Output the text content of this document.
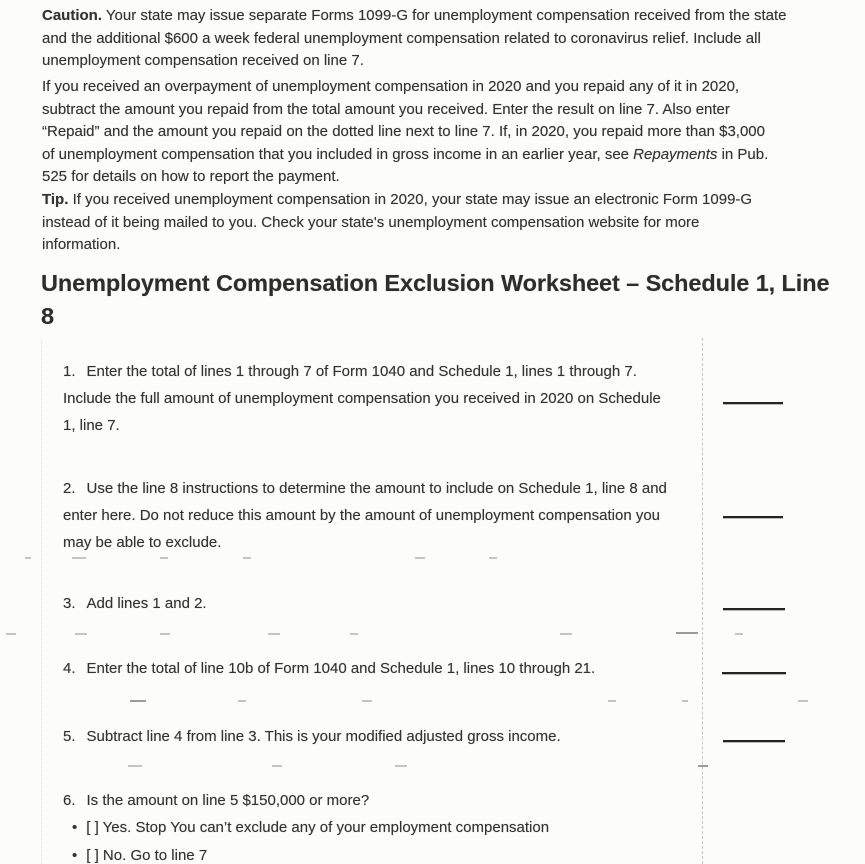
Caution. Your state may issue separate Forms 1099-G for unemployment compensation received from the state and the additional $600 a week federal unemployment compensation related to coronavirus relief. Include all unemployment compensation received on line 7.

If you received an overpayment of unemployment compensation in 2020 and you repaid any of it in 2020, subtract the amount you repaid from the total amount you received. Enter the result on line 7. Also enter “Repaid” and the amount you repaid on the dotted line next to line 7. If, in 2020, you repaid more than $3,000 of unemployment compensation that you included in gross income in an earlier year, see Repayments in Pub. 525 for details on how to report the payment.

Tip. If you received unemployment compensation in 2020, your state may issue an electronic Form 1099-G instead of it being mailed to you. Check your state's unemployment compensation website for more information.

Unemployment Compensation Exclusion Worksheet – Schedule 1, Line 8
1. Enter the total of lines 1 through 7 of Form 1040 and Schedule 1, lines 1 through 7. Include the full amount of unemployment compensation you received in 2020 on Schedule 1, line 7.
2. Use the line 8 instructions to determine the amount to include on Schedule 1, line 8 and enter here. Do not reduce this amount by the amount of unemployment compensation you may be able to exclude.
3. Add lines 1 and 2.
4. Enter the total of line 10b of Form 1040 and Schedule 1, lines 10 through 21.
5. Subtract line 4 from line 3. This is your modified adjusted gross income.
6. Is the amount on line 5 $150,000 or more?
• [ ] Yes. Stop You can’t exclude any of your employment compensation
• [ ] No. Go to line 7
